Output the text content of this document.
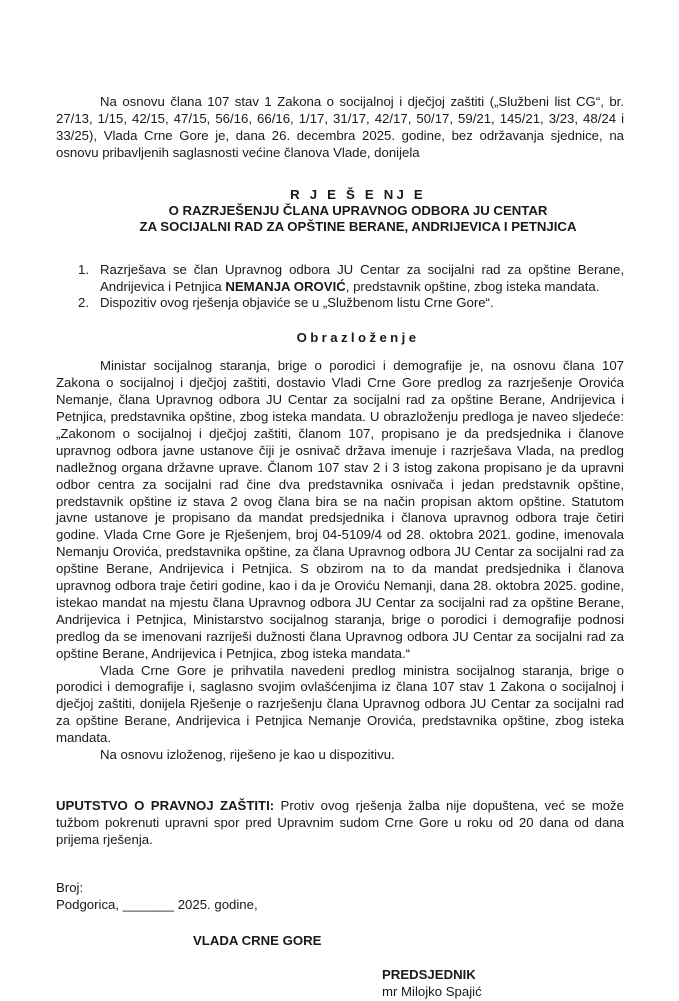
Na osnovu člana 107 stav 1 Zakona o socijalnoj i dječjoj zaštiti („Službeni list CG“, br. 27/13, 1/15, 42/15, 47/15, 56/16, 66/16, 1/17, 31/17, 42/17, 50/17, 59/21, 145/21, 3/23, 48/24 i 33/25), Vlada Crne Gore je, dana 26. decembra 2025. godine, bez održavanja sjednice, na osnovu pribavljenih saglasnosti većine članova Vlade, donijela

R J E Š E NJ E
O RAZRJEŠENJU ČLANA UPRAVNOG ODBORA JU CENTAR
ZA SOCIJALNI RAD ZA OPŠTINE BERANE, ANDRIJEVICA I PETNJICA
1. Razrješava se član Upravnog odbora JU Centar za socijalni rad za opštine Berane, Andrijevica i Petnjica NEMANJA OROVIĆ, predstavnik opštine, zbog isteka mandata.
2. Dispozitiv ovog rješenja objaviće se u „Službenom listu Crne Gore“.
Obrazloženje

Ministar socijalnog staranja, brige o porodici i demografije je, na osnovu člana 107 Zakona o socijalnoj i dječjoj zaštiti, dostavio Vladi Crne Gore predlog za razrješenje Orovića Nemanje, člana Upravnog odbora JU Centar za socijalni rad za opštine Berane, Andrijevica i Petnjica, predstavnika opštine, zbog isteka mandata. U obrazloženju predloga je naveo sljedeće: „Zakonom o socijalnoj i dječjoj zaštiti, članom 107, propisano je da predsjednika i članove upravnog odbora javne ustanove čiji je osnivač država imenuje i razrješava Vlada, na predlog nadležnog organa državne uprave. Članom 107 stav 2 i 3 istog zakona propisano je da upravni odbor centra za socijalni rad čine dva predstavnika osnivača i jedan predstavnik opštine, predstavnik opštine iz stava 2 ovog člana bira se na način propisan aktom opštine. Statutom javne ustanove je propisano da mandat predsjednika i članova upravnog odbora traje četiri godine. Vlada Crne Gore je Rješenjem, broj 04-5109/4 od 28. oktobra 2021. godine, imenovala Nemanju Orovića, predstavnika opštine, za člana Upravnog odbora JU Centar za socijalni rad za opštine Berane, Andrijevica i Petnjica. S obzirom na to da mandat predsjednika i članova upravnog odbora traje četiri godine, kao i da je Oroviću Nemanji, dana 28. oktobra 2025. godine, istekao mandat na mjestu člana Upravnog odbora JU Centar za socijalni rad za opštine Berane, Andrijevica i Petnjica, Ministarstvo socijalnog staranja, brige o porodici i demografije podnosi predlog da se imenovani razriješi dužnosti člana Upravnog odbora JU Centar za socijalni rad za opštine Berane, Andrijevica i Petnjica, zbog isteka mandata.“

Vlada Crne Gore je prihvatila navedeni predlog ministra socijalnog staranja, brige o porodici i demografije i, saglasno svojim ovlašćenjima iz člana 107 stav 1 Zakona o socijalnoj i dječjoj zaštiti, donijela Rješenje o razrješenju člana Upravnog odbora JU Centar za socijalni rad za opštine Berane, Andrijevica i Petnjica Nemanje Orovića, predstavnika opštine, zbog isteka mandata.

Na osnovu izloženog, riješeno je kao u dispozitivu.

UPUTSTVO O PRAVNOJ ZAŠTITI: Protiv ovog rješenja žalba nije dopuštena, već se može tužbom pokrenuti upravni spor pred Upravnim sudom Crne Gore u roku od 20 dana od dana prijema rješenja.

Broj:
Podgorica, _______ 2025. godine,
VLADA CRNE GORE
PREDSJEDNIK
mr Milojko Spajić
